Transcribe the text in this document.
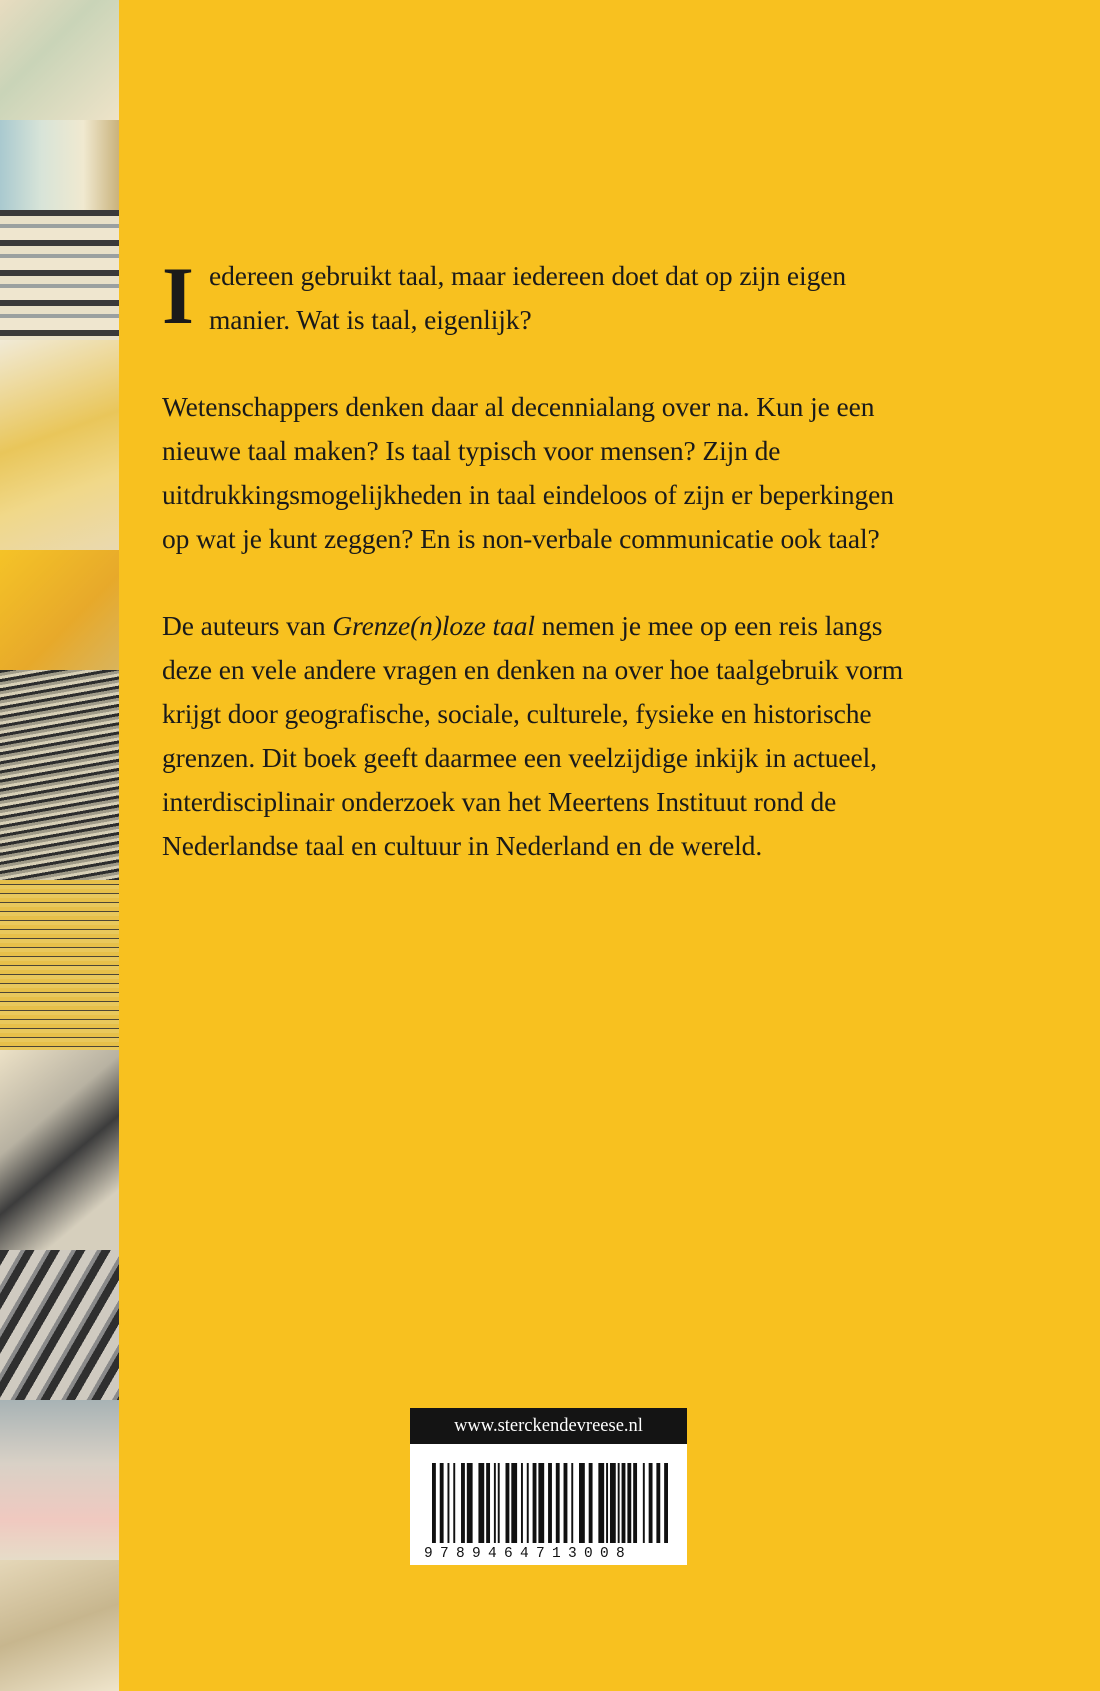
I edereen gebruikt taal, maar iedereen doet dat op zijn eigen manier. Wat is taal, eigenlijk?

Wetenschappers denken daar al decennialang over na. Kun je een nieuwe taal maken? Is taal typisch voor mensen? Zijn de uitdrukkingsmogelijkheden in taal eindeloos of zijn er beperkingen op wat je kunt zeggen? En is non-verbale communicatie ook taal?

De auteurs van Grenze(n)loze taal nemen je mee op een reis langs deze en vele andere vragen en denken na over hoe taalgebruik vorm krijgt door geografische, sociale, culturele, fysieke en historische grenzen. Dit boek geeft daarmee een veelzijdige inkijk in actueel, interdisciplinair onderzoek van het Meertens Instituut rond de Nederlandse taal en cultuur in Nederland en de wereld.

www.sterckendevreese.nl
9789464713008
